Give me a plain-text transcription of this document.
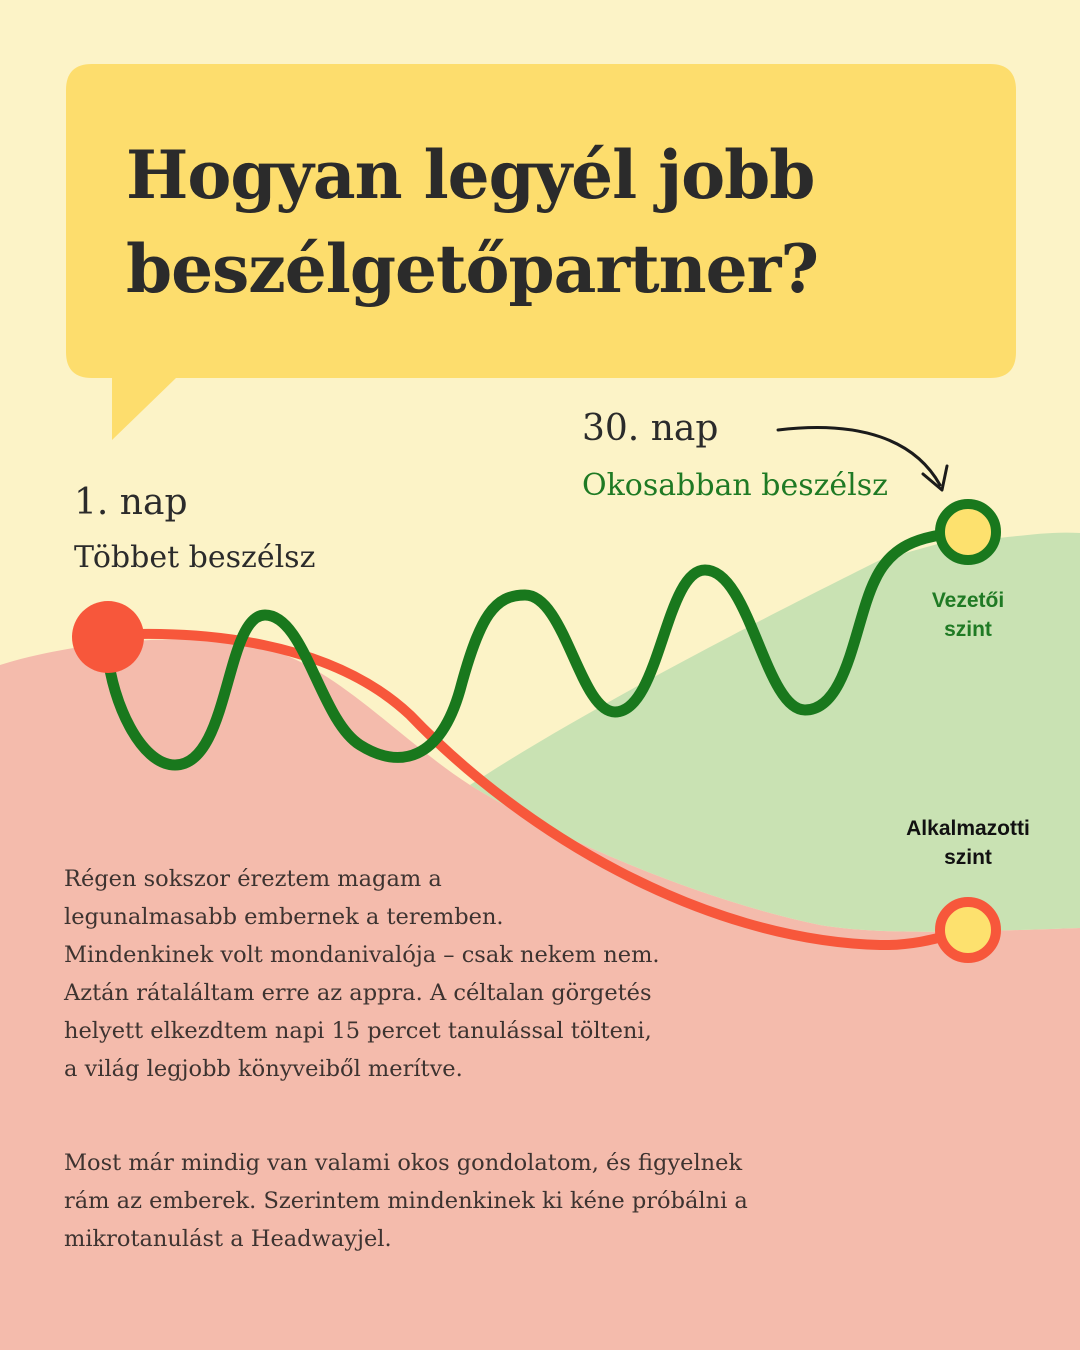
Hogyan legyél jobb
beszélgetőpartner?
1. nap
Többet beszélsz
30. nap
Okosabban beszélsz
Vezetői
szint
Alkalmazotti
szint

Régen sokszor éreztem magam a
legunalmasabb embernek a teremben.
Mindenkinek volt mondanivalója – csak nekem nem.
Aztán rátaláltam erre az appra. A céltalan görgetés
helyett elkezdtem napi 15 percet tanulással tölteni,
a világ legjobb könyveiből merítve.

Most már mindig van valami okos gondolatom, és figyelnek
rám az emberek. Szerintem mindenkinek ki kéne próbálni a
mikrotanulást a Headwayjel.
